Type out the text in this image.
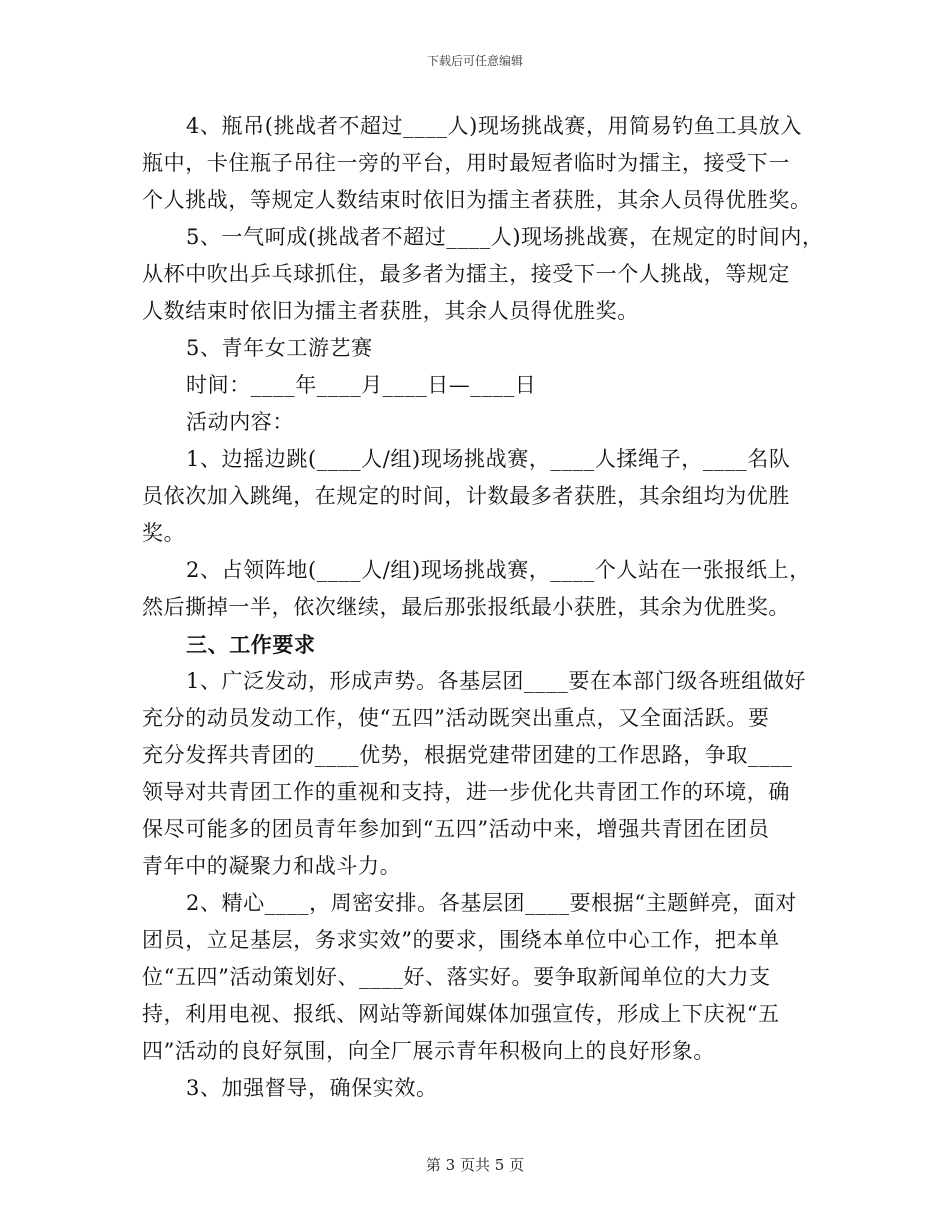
下载后可任意编辑
4、瓶吊(挑战者不超过____人)现场挑战赛，用简易钓鱼工具放入
瓶中，卡住瓶子吊往一旁的平台，用时最短者临时为擂主，接受下一
个人挑战，等规定人数结束时依旧为擂主者获胜，其余人员得优胜奖。
5、一气呵成(挑战者不超过____人)现场挑战赛，在规定的时间内，
从杯中吹出乒乓球抓住，最多者为擂主，接受下一个人挑战，等规定
人数结束时依旧为擂主者获胜，其余人员得优胜奖。
5、青年女工游艺赛
时间：____年____月____日—____日
活动内容：
1、边摇边跳(____人/组)现场挑战赛，____人揉绳子，____名队
员依次加入跳绳，在规定的时间，计数最多者获胜，其余组均为优胜
奖。
2、占领阵地(____人/组)现场挑战赛，____个人站在一张报纸上，
然后撕掉一半，依次继续，最后那张报纸最小获胜，其余为优胜奖。
三、工作要求
1、广泛发动，形成声势。各基层团____要在本部门级各班组做好
充分的动员发动工作，使“五四”活动既突出重点，又全面活跃。要
充分发挥共青团的____优势，根据党建带团建的工作思路，争取____
领导对共青团工作的重视和支持，进一步优化共青团工作的环境，确
保尽可能多的团员青年参加到“五四”活动中来，增强共青团在团员
青年中的凝聚力和战斗力。
2、精心____，周密安排。各基层团____要根据“主题鲜亮，面对
团员，立足基层，务求实效”的要求，围绕本单位中心工作，把本单
位“五四”活动策划好、____好、落实好。要争取新闻单位的大力支
持，利用电视、报纸、网站等新闻媒体加强宣传，形成上下庆祝“五
四”活动的良好氛围，向全厂展示青年积极向上的良好形象。
3、加强督导，确保实效。
第 3 页共 5 页
